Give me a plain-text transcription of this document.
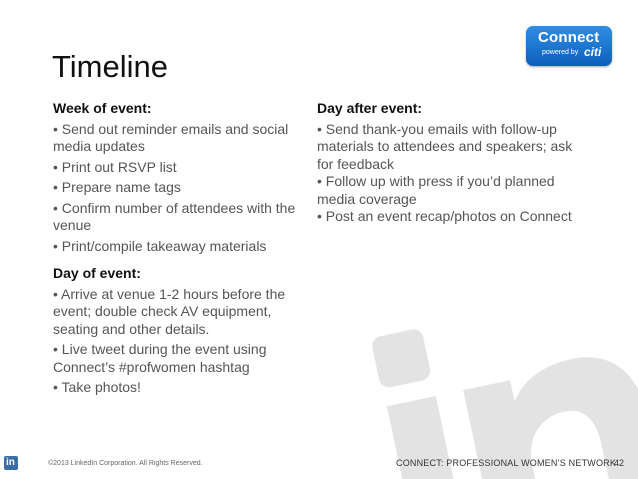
Connect
powered by citi
Timeline
Week of event:
• Send out reminder emails and social media updates
• Print out RSVP list
• Prepare name tags
• Confirm number of attendees with the venue
• Print/compile takeaway materials
Day of event:
• Arrive at venue 1-2 hours before the event; double check AV equipment, seating and other details.
• Live tweet during the event using Connect’s #profwomen hashtag
• Take photos!
Day after event:
• Send thank-you emails with follow-up materials to attendees and speakers; ask for feedback
• Follow up with press if you’d planned media coverage
• Post an event recap/photos on Connect
in	©2013 LinkedIn Corporation. All Rights Reserved.	CONNECT: PROFESSIONAL WOMEN’S NETWORK
42
